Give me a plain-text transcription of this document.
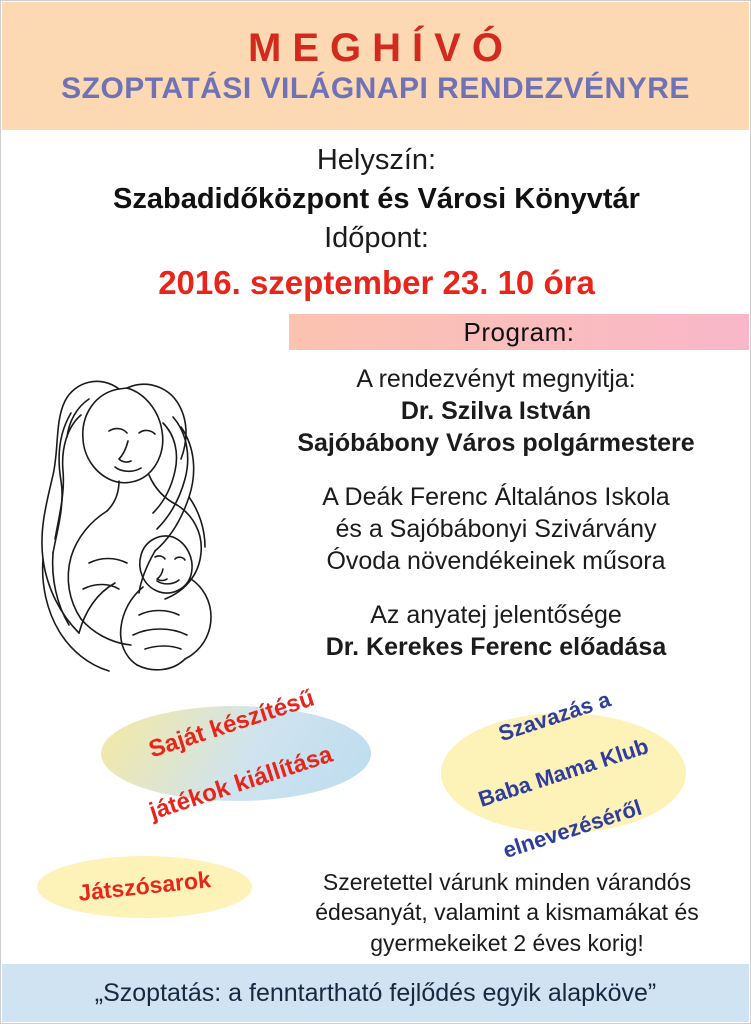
MEGHÍVÓ
SZOPTATÁSI VILÁGNAPI RENDEZVÉNYRE
Helyszín:
Szabadidőközpont és Városi Könyvtár
Időpont:
2016. szeptember 23. 10 óra
Program:
A rendezvényt megnyitja:
Dr. Szilva István
Sajóbábony Város polgármestere
A Deák Ferenc Általános Iskola
és a Sajóbábonyi Szivárvány
Óvoda növendékeinek műsora
Az anyatej jelentősége
Dr. Kerekes Ferenc előadása
Saját készítésű

játékok kiállítása
Szavazás a

Baba Mama Klub

elnevezéséről
Játszósarok	Szeretettel várunk minden várandós
édesanyát, valamint a kismamákat és
gyermekeiket 2 éves korig!
„Szoptatás: a fenntartható fejlődés egyik alapköve”
